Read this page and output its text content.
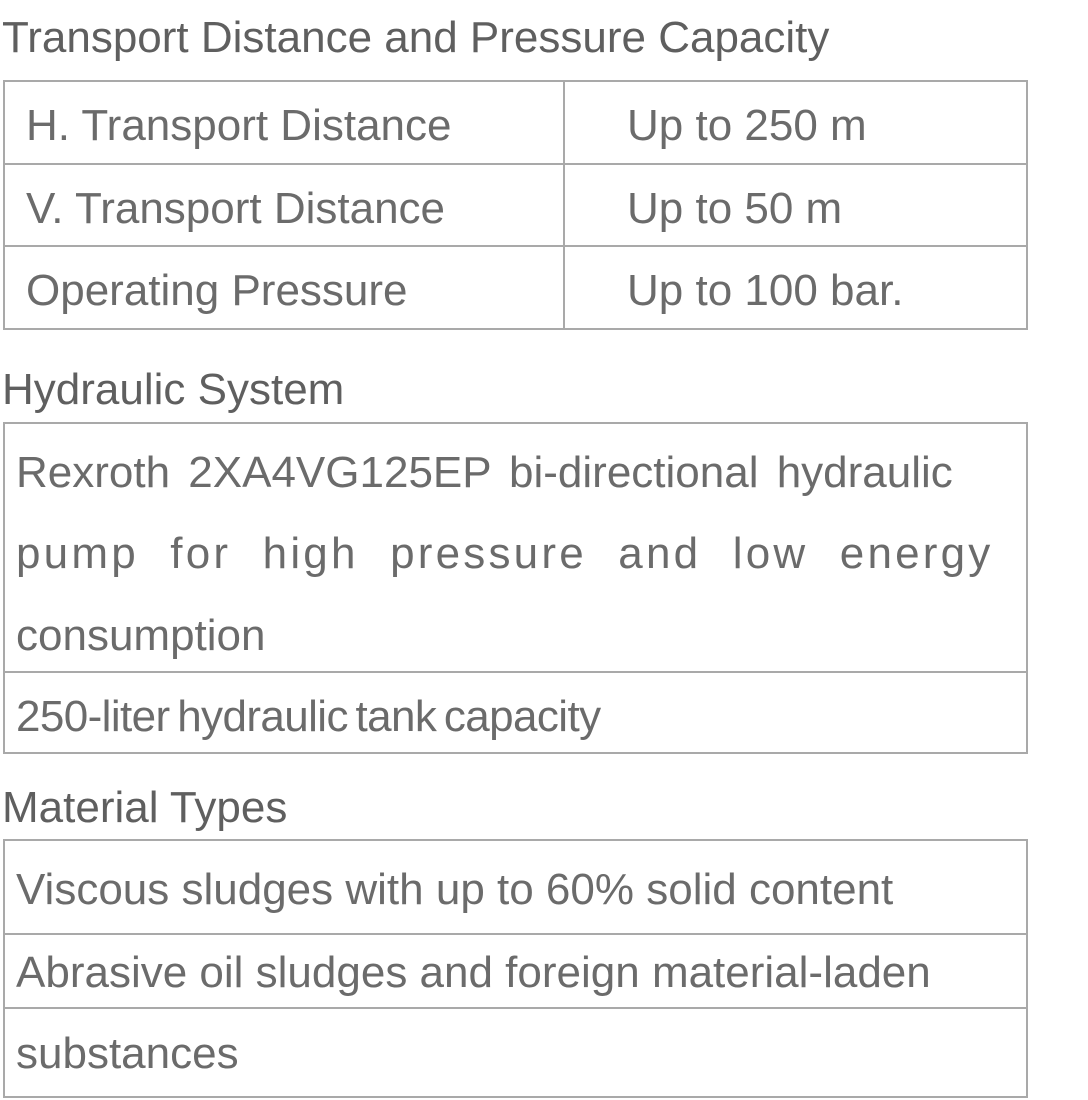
Transport Distance and Pressure Capacity
H. Transport Distance	Up to 250 m
V. Transport Distance	Up to 50 m
Operating Pressure	Up to 100 bar.
Hydraulic System
Rexroth 2XA4VG125EP bi-directional hydraulic
pump for high pressure and low energy
consumption
250-liter hydraulic tank capacity
Material Types
Viscous sludges with up to 60% solid content
Abrasive oil sludges and foreign material-laden
substances
